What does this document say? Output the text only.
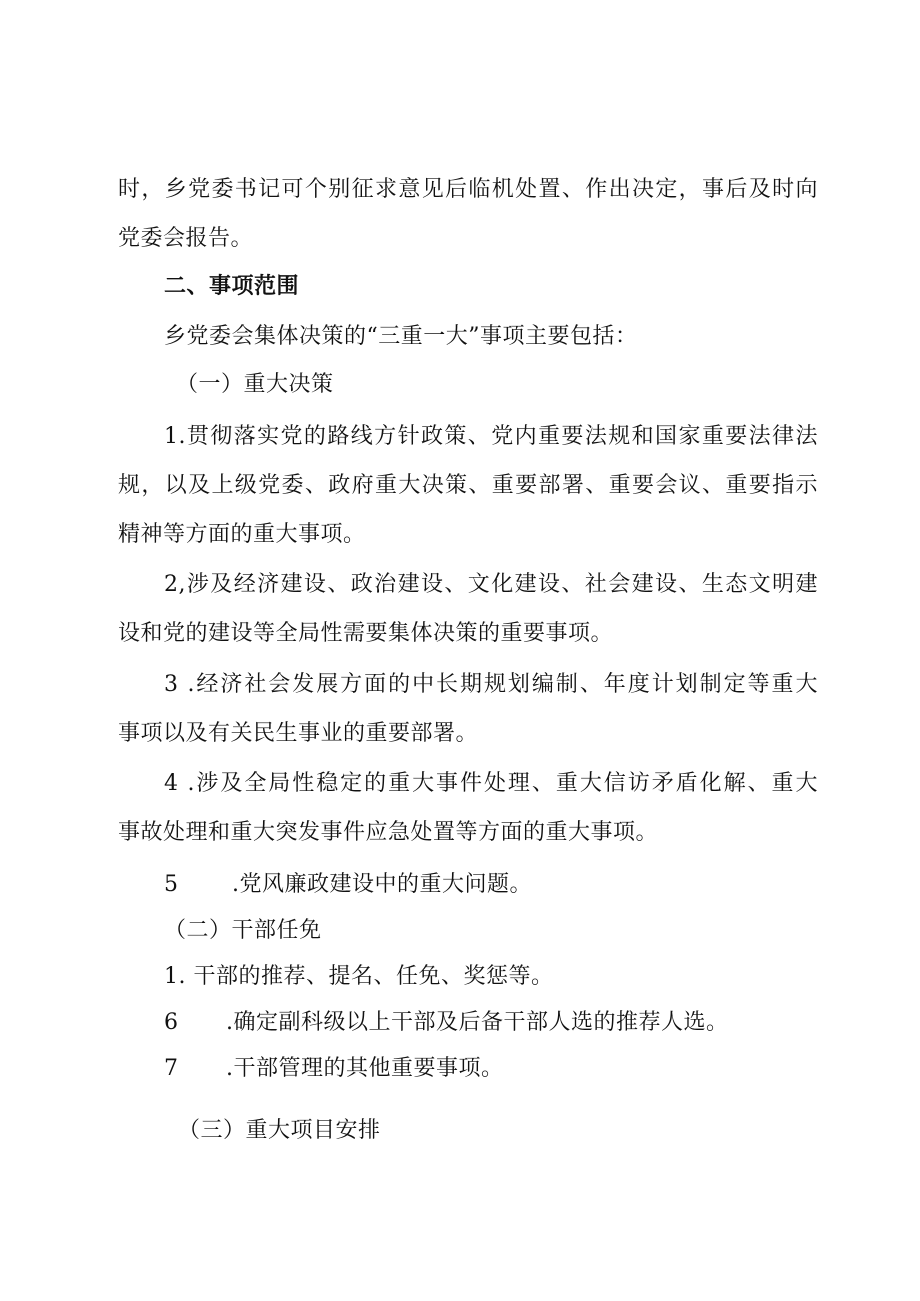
时，乡党委书记可个别征求意见后临机处置、作出决定，事后及时向
党委会报告。
二、事项范围
乡党委会集体决策的“三重一大”事项主要包括：
（一）重大决策
1.贯彻落实党的路线方针政策、党内重要法规和国家重要法律法
规，以及上级党委、政府重大决策、重要部署、重要会议、重要指示
精神等方面的重大事项。
2,涉及经济建设、政治建设、文化建设、社会建设、生态文明建
设和党的建设等全局性需要集体决策的重要事项。
3 .经济社会发展方面的中长期规划编制、年度计划制定等重大
事项以及有关民生事业的重要部署。
4 .涉及全局性稳定的重大事件处理、重大信访矛盾化解、重大
事故处理和重大突发事件应急处置等方面的重大事项。
5 .党风廉政建设中的重大问题。
（二）干部任免
1. 干部的推荐、提名、任免、奖惩等。
6 .确定副科级以上干部及后备干部人选的推荐人选。
7 .干部管理的其他重要事项。
（三）重大项目安排
